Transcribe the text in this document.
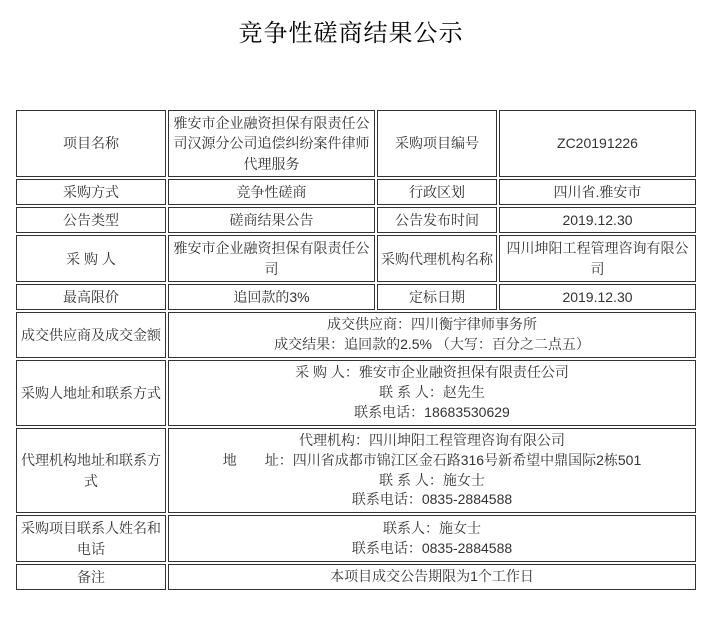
竞争性磋商结果公示
项目名称	雅安市企业融资担保有限责任公司汉源分公司追偿纠纷案件律师代理服务	采购项目编号	ZC20191226
采购方式	竞争性磋商	行政区划	四川省.雅安市
公告类型	磋商结果公告	公告发布时间	2019.12.30
采 购 人	雅安市企业融资担保有限责任公司	采购代理机构名称	四川坤阳工程管理咨询有限公司
最高限价	追回款的3%	定标日期	2019.12.30
成交供应商及成交金额	成交供应商：四川衡宇律师事务所
成交结果：追回款的2.5% （大写：百分之二点五）		

采购人地址和联系方式	采 购 人：雅安市企业融资担保有限责任公司
联 系 人：赵先生
联系电话：18683530629		

代理机构地址和联系方式	代理机构：四川坤阳工程管理咨询有限公司
地　　址：四川省成都市锦江区金石路316号新希望中鼎国际2栋501
联 系 人：施女士
联系电话：0835-2884588		

采购项目联系人姓名和电话	联系人：施女士
联系电话：0835-2884588		

备注	本项目成交公告期限为1个工作日		
